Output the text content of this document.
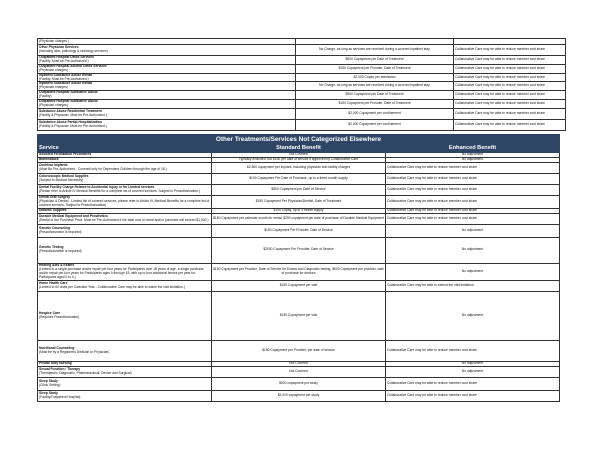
(Physician charges.)		

Other Physician Services
(including labs, pathology & radiology services)	No Charge, as long as services are received during a covered inpatient stay	Collaborative Care may be able to reduce member cost share

Outpatient Hospital Detox Services
(Facility. Must be Pre-Authorized.)	$500 Copayment per Date of Treatment	Collaborative Care may be able to reduce member cost share

Outpatient Hospital Alcohol Detox Services
(Physician charges)	$150 Copayment per Provider, Date of Treatment	Collaborative Care may be able to reduce member cost share

Inpatient Substance Abuse Rehab
(Facility. Must be Pre-Authorized.)	$2,000 Copay per admission	Collaborative Care may be able to reduce member cost share

Inpatient Substance Abuse Rehab
(Physician charges)	No Charge, as long as services are received during a covered inpatient stay	Collaborative Care may be able to reduce member cost share

Outpatient Hospital Substance Abuse
(Facility)	$500 Copayment per Date of Treatment	Collaborative Care may be able to reduce member cost share

Outpatient Hospital Substance Abuse
(Physician charges)	$150 Copayment per Provider, Date of Treatment	Collaborative Care may be able to reduce member cost share

Substance Abuse Residential Treatment
(Facility & Physician. Must be Pre-Authorized.)	$2,000 Copayment per confinement	Collaborative Care may be able to reduce member cost share

Substance Abuse Partial Hospitalization
(Facility & Physician. Must be Pre-Authorized.)	$2,000 Copayment per confinement	Collaborative Care may be able to reduce member cost share
Other Treatments/Services Not Categorized Elsewhere		
Service	Standard Benefit	Enhanced Benefit

Assisted Fertilization Procedures	Not Covered	No adjustment

Biofeedback	Typically excluded, but $150 per date of service if approved by Collaborative Care	No adjustment

Cochlear Implants
(Must Be Pre-Authorized - Covered only for Dependent Children through the age of 18.)	$2,500 copayment per implant, including physician and facility charges	Collaborative Care may be able to reduce member cost share

Colonoscopic Medical Supplies
(Subject to Medical Necessity)	$100 Copayment Per Date of Purchase, up to a three-month supply	Collaborative Care may be able to reduce member cost share

Dental Facility Charge Related to Accidental Injury or for Limited services
(Please refer to Article IV Medical Benefits for a complete list of covered services. Subject to Preauthorization.)	$500 Copayment per Date of Service	Collaborative Care may be able to reduce member cost share

Dental Oral Surgery
(Physician & Dentist - Limited list of covered services, please refer to Article IV, Medical Benefits for a complete list of covered services. Subject to Preauthorization)	$150 Copayment Per Physician/Dentist, Date of Treatment	Collaborative Care may be able to reduce member cost share

Diabetic Supplies	$100 Copay, up to 3 month supply	Collaborative Care may be able to reduce member cost share

Durable Medical Equipment and Prosthetics
(Rental or the Purchase Price. Must be Pre-Authorized if the total cost of rental and/or purchase will exceed $1,500.)	$150 Copayment per calendar month for rental; $250 copayment per date of purchase of Durable Medical Equipment	Collaborative Care may be able to reduce member cost share

Genetic Counseling
(Preauthorization is required)	$150 Copayment Per Provider, Date of Service	No adjustment

Genetic Testing
(Preauthorization is required)	$2000 Copayment Per Provider, Date of Service	No adjustment

Hearing Aids & Exams
(Limited to a single purchase and/or repair per four years for Participants over 18 years of age, a single purchase and/or repair per four years for Participants ages 0 through 18, with up to four additional lenses per year for Participants aged 0 to 4.)	$150 Copayment per Provider, Date of Service for Exams and Diagnostic testing, $500 Copayment per provider, date of purchase for devices	No adjustment

Home Health Care
(Limited to 60 visits per Calendar Year - Collaborative Care may be able to waive the visit limitation.)	$150 Copayment per visit	Collaborative Care may be able to extend the visit limitation.

Hospice Care
(Requires Preauthorization)	$150 Copayment per visit	No adjustment

Nutritional Counseling
(Must be by a Registered Dietician or Physician)	$150 Copayment per Provider, per date of service	Collaborative Care may be able to reduce member cost share

Private Duty Nursing	Not Covered	No adjustment

Sexual Function / Therapy
(Therapeutic, Diagnostic, Pharmaceutical, Device and Surgical)	Not Covered	No adjustment

Sleep Study
(Clinic Setting)	$500 copayment per study	Collaborative Care may be able to reduce member cost share

Sleep Study
(Facility/Outpatient Hospital)	$2,000 copayment per study	Collaborative Care may be able to reduce member cost share
